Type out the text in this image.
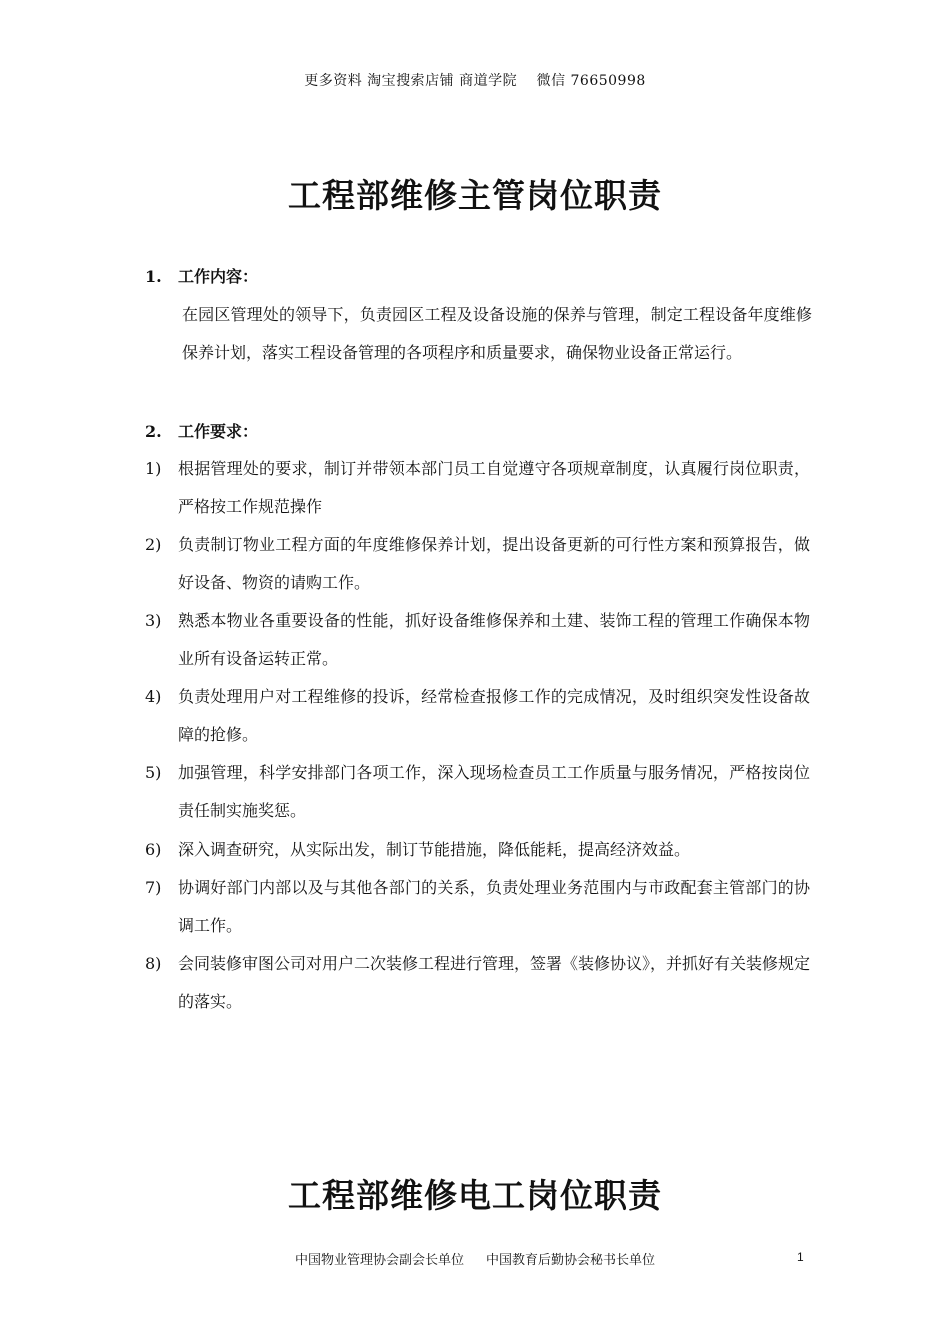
更多资料 淘宝搜索店铺 商道学院 　微信 76650998
工程部维修主管岗位职责
1. 工作内容：
在园区管理处的领导下，负责园区工程及设备设施的保养与管理，制定工程设备年度维修保养计划，落实工程设备管理的各项程序和质量要求，确保物业设备正常运行。
2. 工作要求：
1) 根据管理处的要求，制订并带领本部门员工自觉遵守各项规章制度，认真履行岗位职责，严格按工作规范操作
2) 负责制订物业工程方面的年度维修保养计划，提出设备更新的可行性方案和预算报告，做好设备、物资的请购工作。
3) 熟悉本物业各重要设备的性能，抓好设备维修保养和土建、装饰工程的管理工作确保本物业所有设备运转正常。
4) 负责处理用户对工程维修的投诉，经常检查报修工作的完成情况，及时组织突发性设备故障的抢修。
5) 加强管理，科学安排部门各项工作，深入现场检查员工工作质量与服务情况，严格按岗位责任制实施奖惩。
6) 深入调查研究，从实际出发，制订节能措施，降低能耗，提高经济效益。
7) 协调好部门内部以及与其他各部门的关系，负责处理业务范围内与市政配套主管部门的协调工作。
8) 会同装修审图公司对用户二次装修工程进行管理，签署《装修协议》，并抓好有关装修规定的落实。
工程部维修电工岗位职责
中国物业管理协会副会长单位 中国教育后勤协会秘书长单位	1
